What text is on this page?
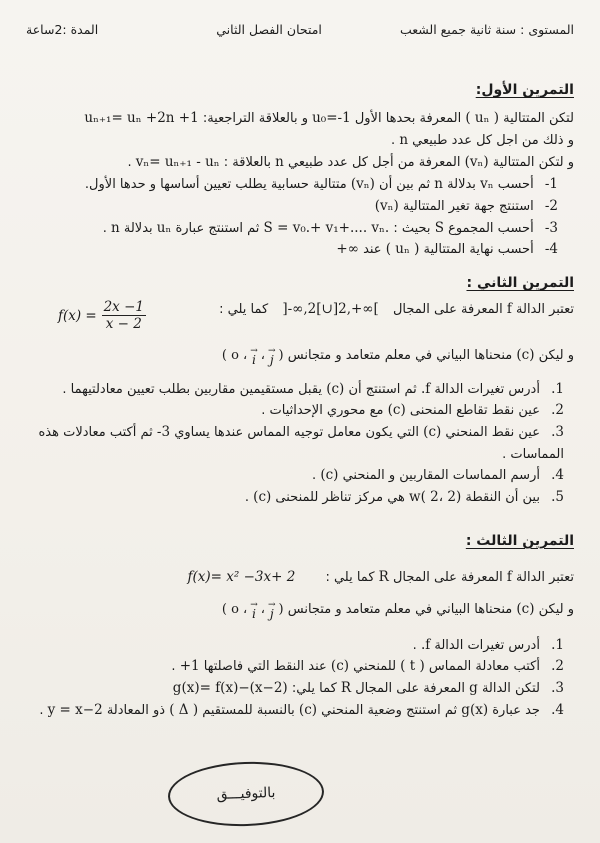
المستوى : سنة ثانية جميع الشعب
امتحان الفصل الثاني
المدة :2ساعة
التمرين الأول:

لتكن المتتالية ( uₙ ) المعرفة بحدها الأول u₀=-1 و بالعلاقة التراجعية: uₙ₊₁= uₙ +2n +1

و ذلك من اجل كل عدد طبيعي n .

و لتكن المتتالية (vₙ) المعرفة من أجل كل عدد طبيعي n بالعلاقة : vₙ= uₙ₊₁ - uₙ .

-1 أحسب vₙ بدلالة n ثم بين أن (vₙ) متتالية حسابية يطلب تعيين أساسها و حدها الأول.

-2 استنتج جهة تغير المتتالية (vₙ)

-3 أحسب المجموع S بحيث : S = v₀.+ v₁+.... vₙ. ثم استنتج عبارة uₙ بدلالة n .

-4 أحسب نهاية المتتالية ( uₙ ) عند +∞

التمرين الثاني :

تعتبر الدالة f المعرفة على المجال ]-∞,2[∪]2,+∞[ كما يلي :

$f(x) = \frac{2x -1}{x - 2}$

و ليكن (c) منحناها البياني في معلم متعامد و متجانس
( o ، →
i ، →
j )

.1 أدرس تغيرات الدالة .f ثم استنتج أن (c) يقبل مستقيمين مقاربين بطلب تعيين معادلتيهما .

.2 عين نقط تقاطع المنحنى (c) مع محوري الإحداثيات .

.3 عين نقط المنحني (c) التي يكون معامل توجيه المماس عندها يساوي -3 ثم أكتب معادلات هذه
المماسات .

.4 أرسم المماسات المقاربين و المنحني (c) .

.5 بين أن النقطة w( 2، 2) هي مركز تناظر للمنحنى (c) .

التمرين الثالث :

تعتبر الدالة f المعرفة على المجال R كما يلي : f(x)= x² −3x+ 2

و ليكن (c) منحناها البياني في معلم متعامد و متجانس
( o ، →
i ، →
j )

.1 أدرس تغيرات الدالة .f .

.2 أكتب معادلة المماس ( t ) للمنحني (c) عند النقط التي فاصلتها +1 .

.3 لتكن الدالة g المعرفة على المجال R كما يلي: g(x)= f(x)−(x−2)

.4 جد عبارة g(x) ثم استنتج وضعية المنحني (c) بالنسبة للمستقيم ( Δ ) ذو المعادلة y = x−2 .

بالتوفيـــق
